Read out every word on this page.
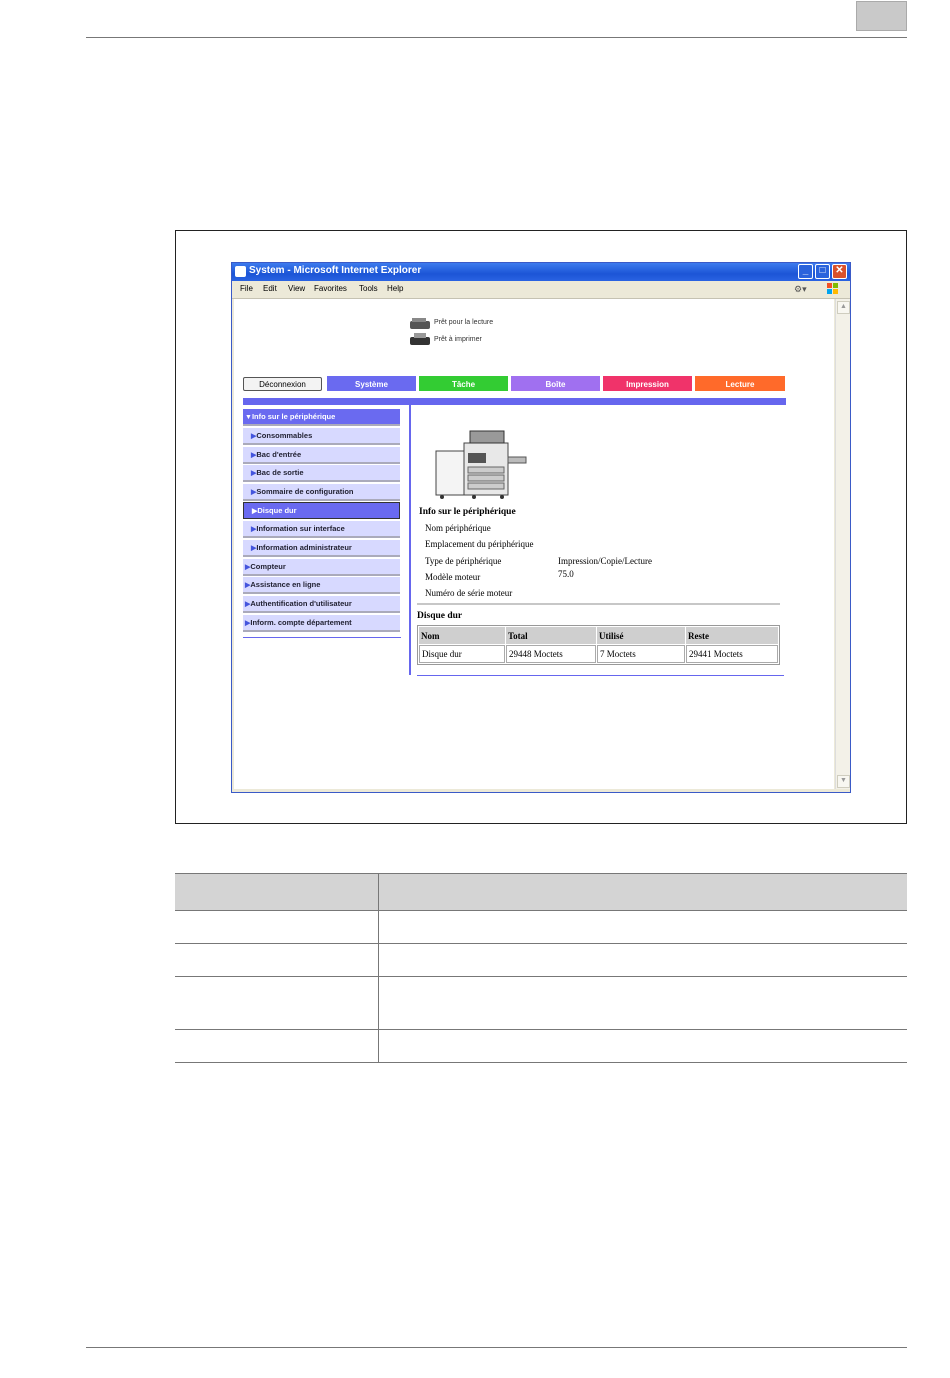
System - Microsoft Internet Explorer	_	□ ✕
File Edit View Favorites Tools Help	⚙▾
Prêt pour la lecture
Prêt à imprimer
Déconnexion	Système	Tâche	Boîte	Impression	Lecture
▼Info sur le périphérique
▶Consommables
▶Bac d'entrée
▶Bac de sortie
▶Sommaire de configuration
▶Disque dur
▶Information sur interface
▶Information administrateur
▶Compteur
▶Assistance en ligne
▶Authentification d'utilisateur
▶Inform. compte département
Info sur le périphérique
Nom périphérique
Emplacement du périphérique
Type de périphérique	Impression/Copie/Lecture
Modèle moteur	75.0
Numéro de série moteur
Disque dur
Nom	Total	Utilisé	Reste
Disque dur	29448 Moctets	7 Moctets	29441 Moctets
▲
▼
